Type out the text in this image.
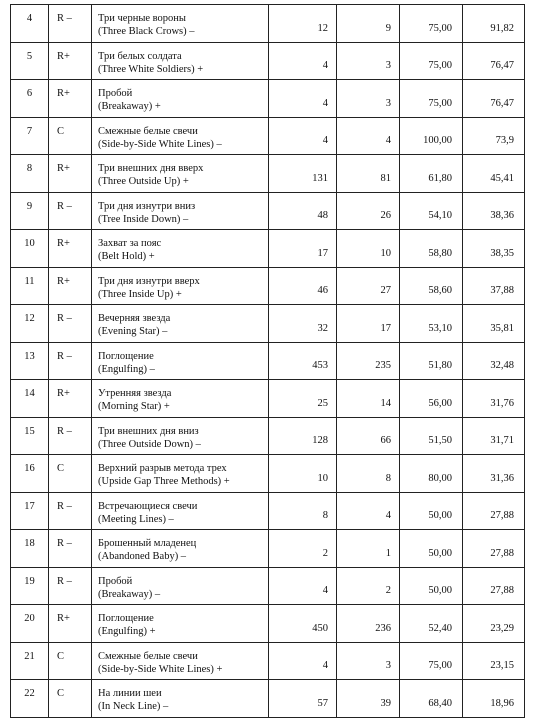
4	R –	Три черные вороны
(Three Black Crows) –	12	9	75,00	91,82
5	R+	Три белых солдата
(Three White Soldiers) +	4	3	75,00	76,47
6	R+	Пробой
(Breakaway) +	4	3	75,00	76,47
7	C	Смежные белые свечи
(Side-by-Side White Lines) –	4	4	100,00	73,9
8	R+	Три внешних дня вверх
(Three Outside Up) +	131	81	61,80	45,41
9	R –	Три дня изнутри вниз
(Tree Inside Down) –	48	26	54,10	38,36
10	R+	Захват за пояс
(Belt Hold) +	17	10	58,80	38,35
11	R+	Три дня изнутри вверх
(Three Inside Up) +	46	27	58,60	37,88
12	R –	Вечерняя звезда
(Evening Star) –	32	17	53,10	35,81
13	R –	Поглощение
(Engulfing) –	453	235	51,80	32,48
14	R+	Утренняя звезда
(Morning Star) +	25	14	56,00	31,76
15	R –	Три внешних дня вниз
(Three Outside Down) –	128	66	51,50	31,71
16	C	Верхний разрыв метода трех
(Upside Gap Three Methods) +	10	8	80,00	31,36
17	R –	Встречающиеся свечи
(Meeting Lines) –	8	4	50,00	27,88
18	R –	Брошенный младенец
(Abandoned Baby) –	2	1	50,00	27,88
19	R –	Пробой
(Breakaway) –	4	2	50,00	27,88
20	R+	Поглощение
(Engulfing) +	450	236	52,40	23,29
21	C	Смежные белые свечи
(Side-by-Side White Lines) +	4	3	75,00	23,15
22	C	На линии шеи
(In Neck Line) –	57	39	68,40	18,96
